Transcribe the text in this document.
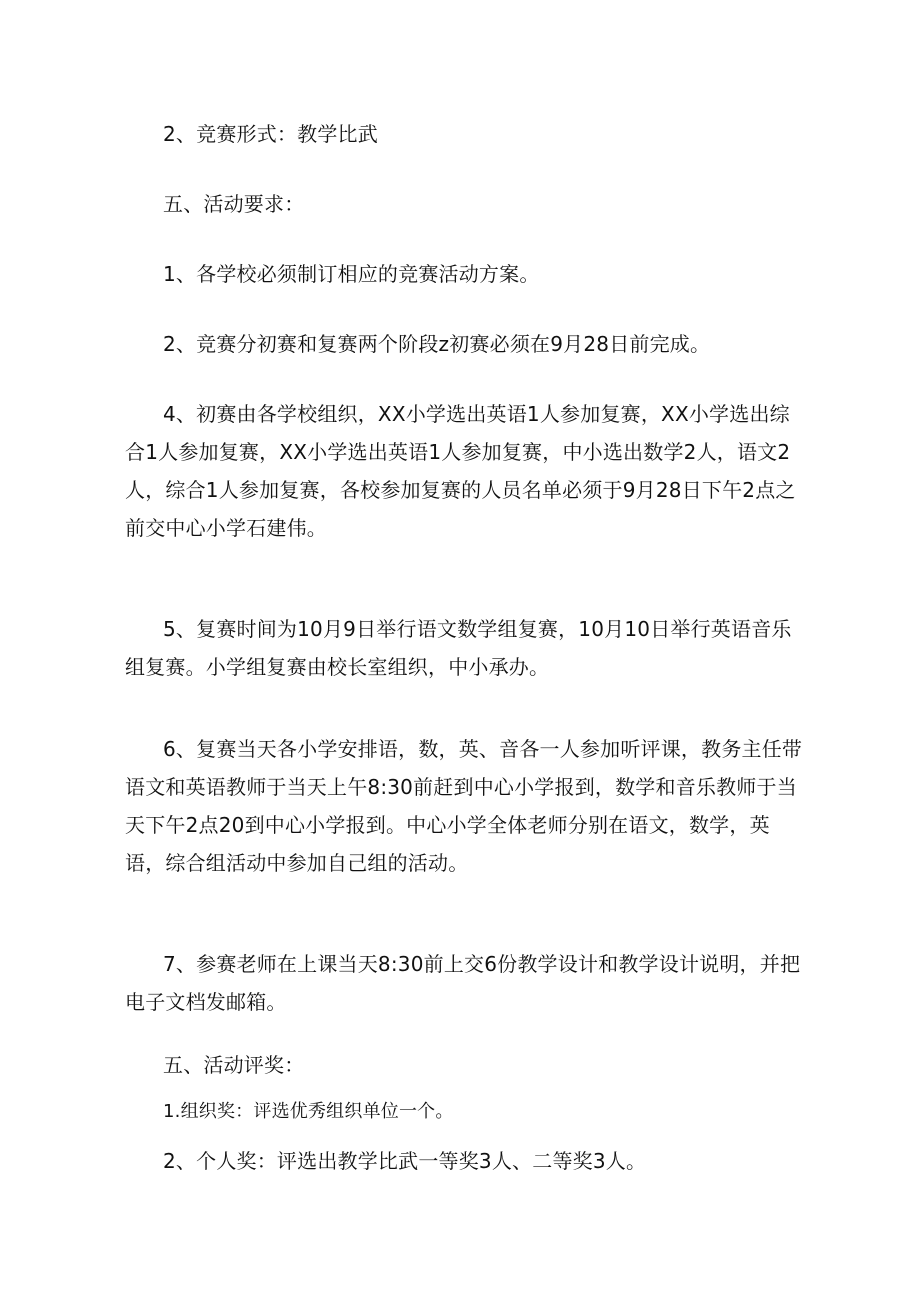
2、竞赛形式：教学比武

五、活动要求：

1、各学校必须制订相应的竞赛活动方案。

2、竞赛分初赛和复赛两个阶段z初赛必须在9月28日前完成。

4、初赛由各学校组织，XX小学选出英语1人参加复赛，XX小学选出综合1人参加复赛，XX小学选出英语1人参加复赛，中小选出数学2人，语文2人，综合1人参加复赛，各校参加复赛的人员名单必须于9月28日下午2点之前交中心小学石建伟。

5、复赛时间为10月9日举行语文数学组复赛，10月10日举行英语音乐组复赛。小学组复赛由校长室组织，中小承办。

6、复赛当天各小学安排语，数，英、音各一人参加听评课，教务主任带语文和英语教师于当天上午8:30前赶到中心小学报到，数学和音乐教师于当天下午2点20到中心小学报到。中心小学全体老师分别在语文，数学，英语，综合组活动中参加自己组的活动。

7、参赛老师在上课当天8:30前上交6份教学设计和教学设计说明，并把电子文档发邮箱。

五、活动评奖：

1.组织奖：评选优秀组织单位一个。

2、个人奖：评选出教学比武一等奖3人、二等奖3人。
